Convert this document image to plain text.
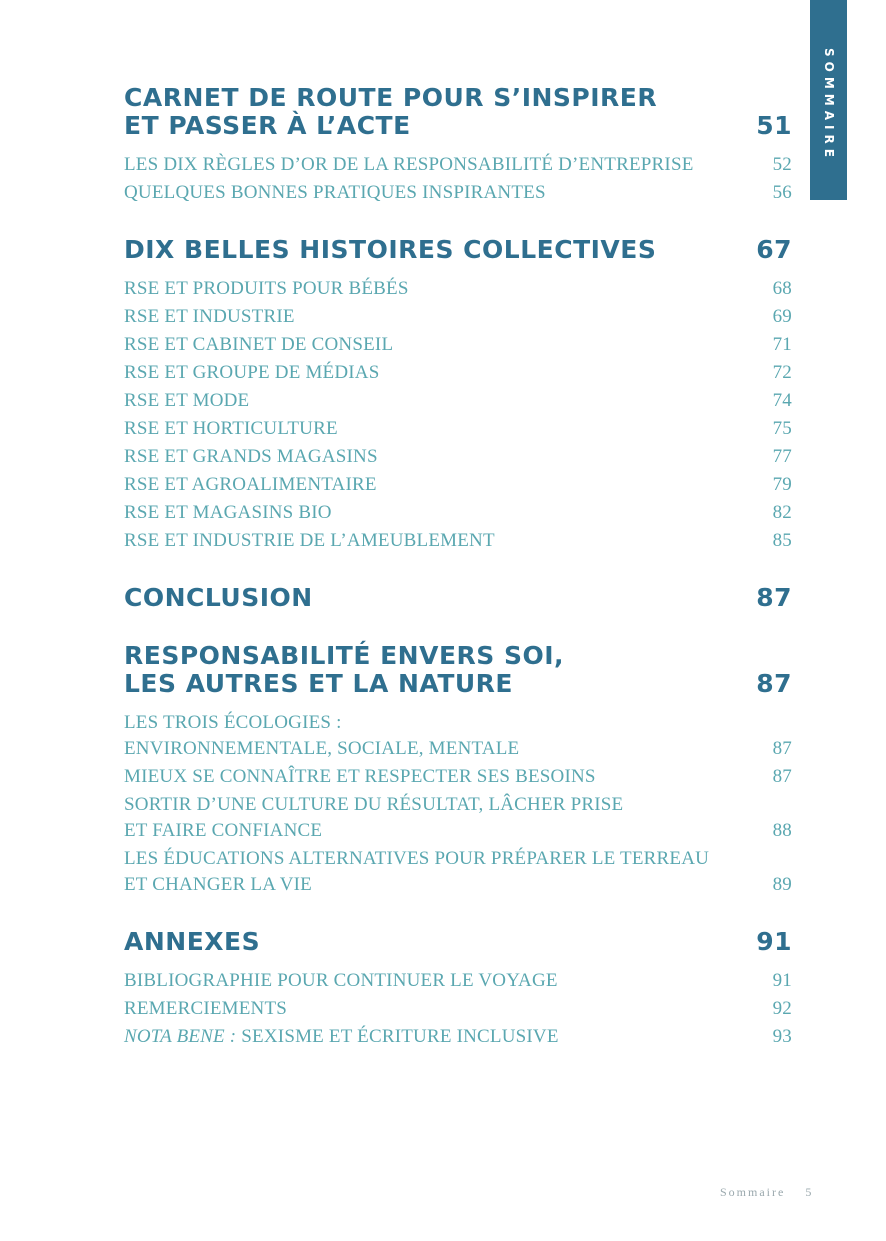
SOMMAIRE
CARNET DE ROUTE POUR S’INSPIRER
ET PASSER À L’ACTE	51
LES DIX RÈGLES D’OR DE LA RESPONSABILITÉ D’ENTREPRISE	52
QUELQUES BONNES PRATIQUES INSPIRANTES	56
DIX BELLES HISTOIRES COLLECTIVES	67
RSE ET PRODUITS POUR BÉBÉS	68
RSE ET INDUSTRIE	69
RSE ET CABINET DE CONSEIL	71
RSE ET GROUPE DE MÉDIAS	72
RSE ET MODE	74
RSE ET HORTICULTURE	75
RSE ET GRANDS MAGASINS	77
RSE ET AGROALIMENTAIRE	79
RSE ET MAGASINS BIO	82
RSE ET INDUSTRIE DE L’AMEUBLEMENT	85
CONCLUSION	87
RESPONSABILITÉ ENVERS SOI,
LES AUTRES ET LA NATURE	87
LES TROIS ÉCOLOGIES :
ENVIRONNEMENTALE, SOCIALE, MENTALE	87
MIEUX SE CONNAÎTRE ET RESPECTER SES BESOINS	87
SORTIR D’UNE CULTURE DU RÉSULTAT, LÂCHER PRISE
ET FAIRE CONFIANCE	88
LES ÉDUCATIONS ALTERNATIVES POUR PRÉPARER LE TERREAU
ET CHANGER LA VIE	89
ANNEXES	91
BIBLIOGRAPHIE POUR CONTINUER LE VOYAGE	91
REMERCIEMENTS	92
NOTA BENE : SEXISME ET ÉCRITURE INCLUSIVE	93
Sommaire 5
